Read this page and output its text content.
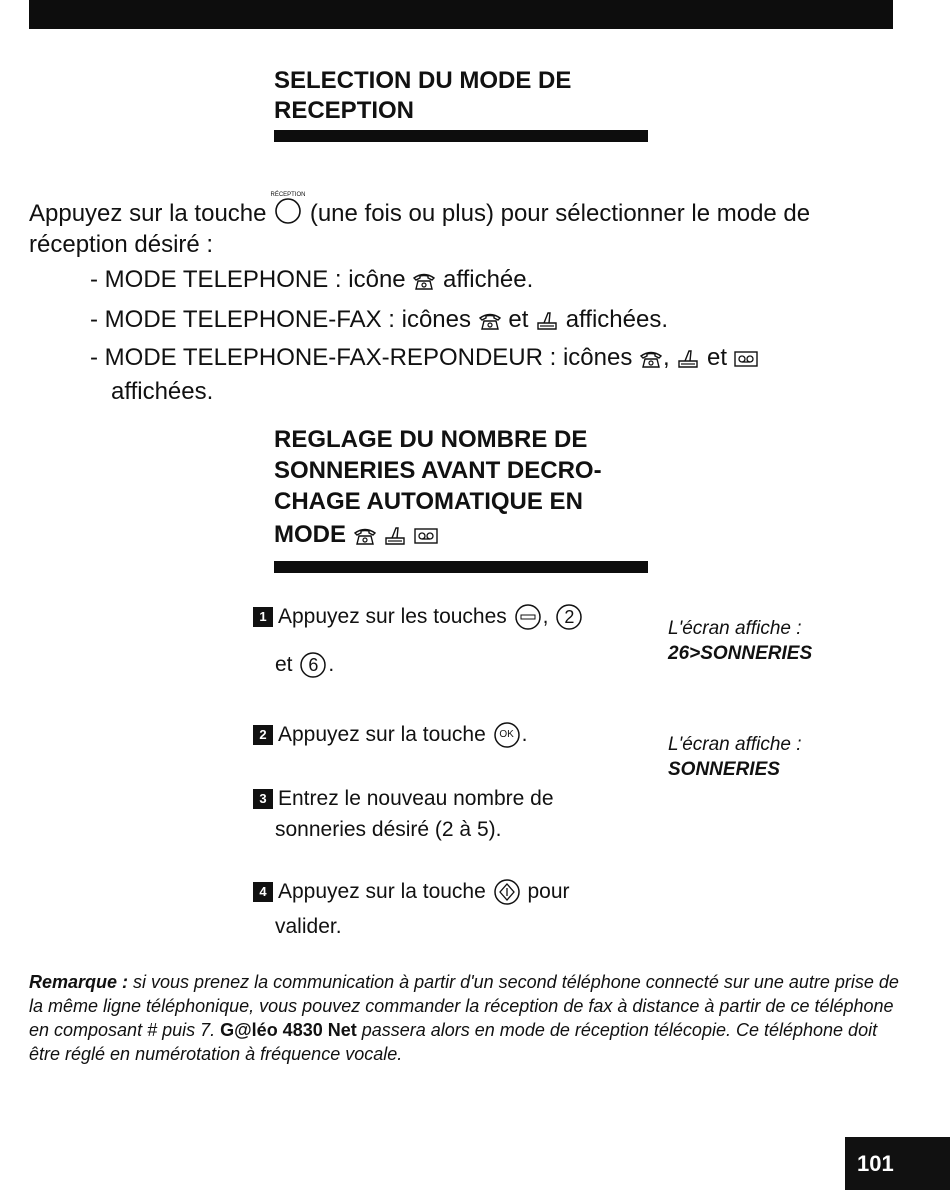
SELECTION DU MODE DE
RECEPTION
Appuyez sur la touche
RÉCEPTION
(une fois ou plus) pour sélectionner le mode de
réception désiré :
- MODE TELEPHONE : icône affichée.
- MODE TELEPHONE-FAX : icônes et affichées.
- MODE TELEPHONE-FAX-REPONDEUR : icônes , et
affichées.
REGLAGE DU NOMBRE DE
SONNERIES AVANT DECRO-
CHAGE AUTOMATIQUE EN
MODE
1 Appuyez sur les touches , 2
et 6 .
L'écran affiche :
26>SONNERIES
2 Appuyez sur la touche	OK .	L'écran affiche :
SONNERIES
3 Entrez le nouveau nombre de
sonneries désiré (2 à 5).
4 Appuyez sur la touche pour
valider.
Remarque : si vous prenez la communication à partir d'un second téléphone connecté sur une autre prise de la même ligne téléphonique, vous pouvez commander la réception de fax à distance à partir de ce téléphone en composant # puis 7. G@léo 4830 Net passera alors en mode de réception télécopie. Ce téléphone doit être réglé en numérotation à fréquence vocale.
101
